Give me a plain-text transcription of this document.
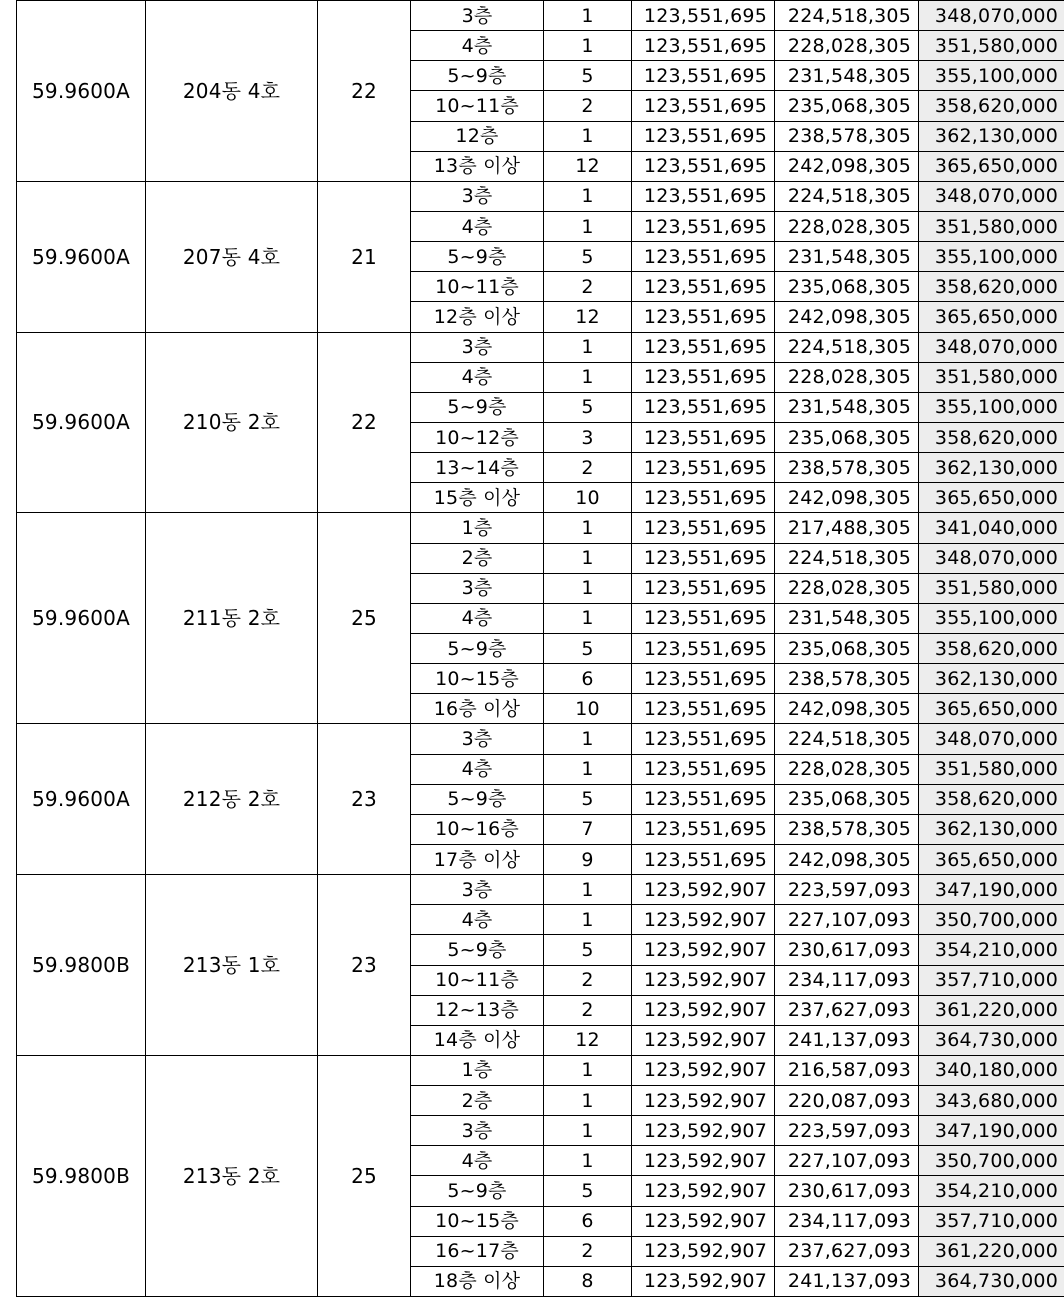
59.9600A	204동 4호	22	3층	1	123,551,695	224,518,305	348,070,000
			4층	1	123,551,695	228,028,305	351,580,000
			5~9층	5	123,551,695	231,548,305	355,100,000
			10~11층	2	123,551,695	235,068,305	358,620,000
			12층	1	123,551,695	238,578,305	362,130,000
			13층 이상	12	123,551,695	242,098,305	365,650,000
59.9600A	207동 4호	21	3층	1	123,551,695	224,518,305	348,070,000
			4층	1	123,551,695	228,028,305	351,580,000
			5~9층	5	123,551,695	231,548,305	355,100,000
			10~11층	2	123,551,695	235,068,305	358,620,000
			12층 이상	12	123,551,695	242,098,305	365,650,000
59.9600A	210동 2호	22	3층	1	123,551,695	224,518,305	348,070,000
			4층	1	123,551,695	228,028,305	351,580,000
			5~9층	5	123,551,695	231,548,305	355,100,000
			10~12층	3	123,551,695	235,068,305	358,620,000
			13~14층	2	123,551,695	238,578,305	362,130,000
			15층 이상	10	123,551,695	242,098,305	365,650,000
59.9600A	211동 2호	25	1층	1	123,551,695	217,488,305	341,040,000
			2층	1	123,551,695	224,518,305	348,070,000
			3층	1	123,551,695	228,028,305	351,580,000
			4층	1	123,551,695	231,548,305	355,100,000
			5~9층	5	123,551,695	235,068,305	358,620,000
			10~15층	6	123,551,695	238,578,305	362,130,000
			16층 이상	10	123,551,695	242,098,305	365,650,000
59.9600A	212동 2호	23	3층	1	123,551,695	224,518,305	348,070,000
			4층	1	123,551,695	228,028,305	351,580,000
			5~9층	5	123,551,695	235,068,305	358,620,000
			10~16층	7	123,551,695	238,578,305	362,130,000
			17층 이상	9	123,551,695	242,098,305	365,650,000
59.9800B	213동 1호	23	3층	1	123,592,907	223,597,093	347,190,000
			4층	1	123,592,907	227,107,093	350,700,000
			5~9층	5	123,592,907	230,617,093	354,210,000
			10~11층	2	123,592,907	234,117,093	357,710,000
			12~13층	2	123,592,907	237,627,093	361,220,000
			14층 이상	12	123,592,907	241,137,093	364,730,000
59.9800B	213동 2호	25	1층	1	123,592,907	216,587,093	340,180,000
			2층	1	123,592,907	220,087,093	343,680,000
			3층	1	123,592,907	223,597,093	347,190,000
			4층	1	123,592,907	227,107,093	350,700,000
			5~9층	5	123,592,907	230,617,093	354,210,000
			10~15층	6	123,592,907	234,117,093	357,710,000
			16~17층	2	123,592,907	237,627,093	361,220,000
			18층 이상	8	123,592,907	241,137,093	364,730,000
